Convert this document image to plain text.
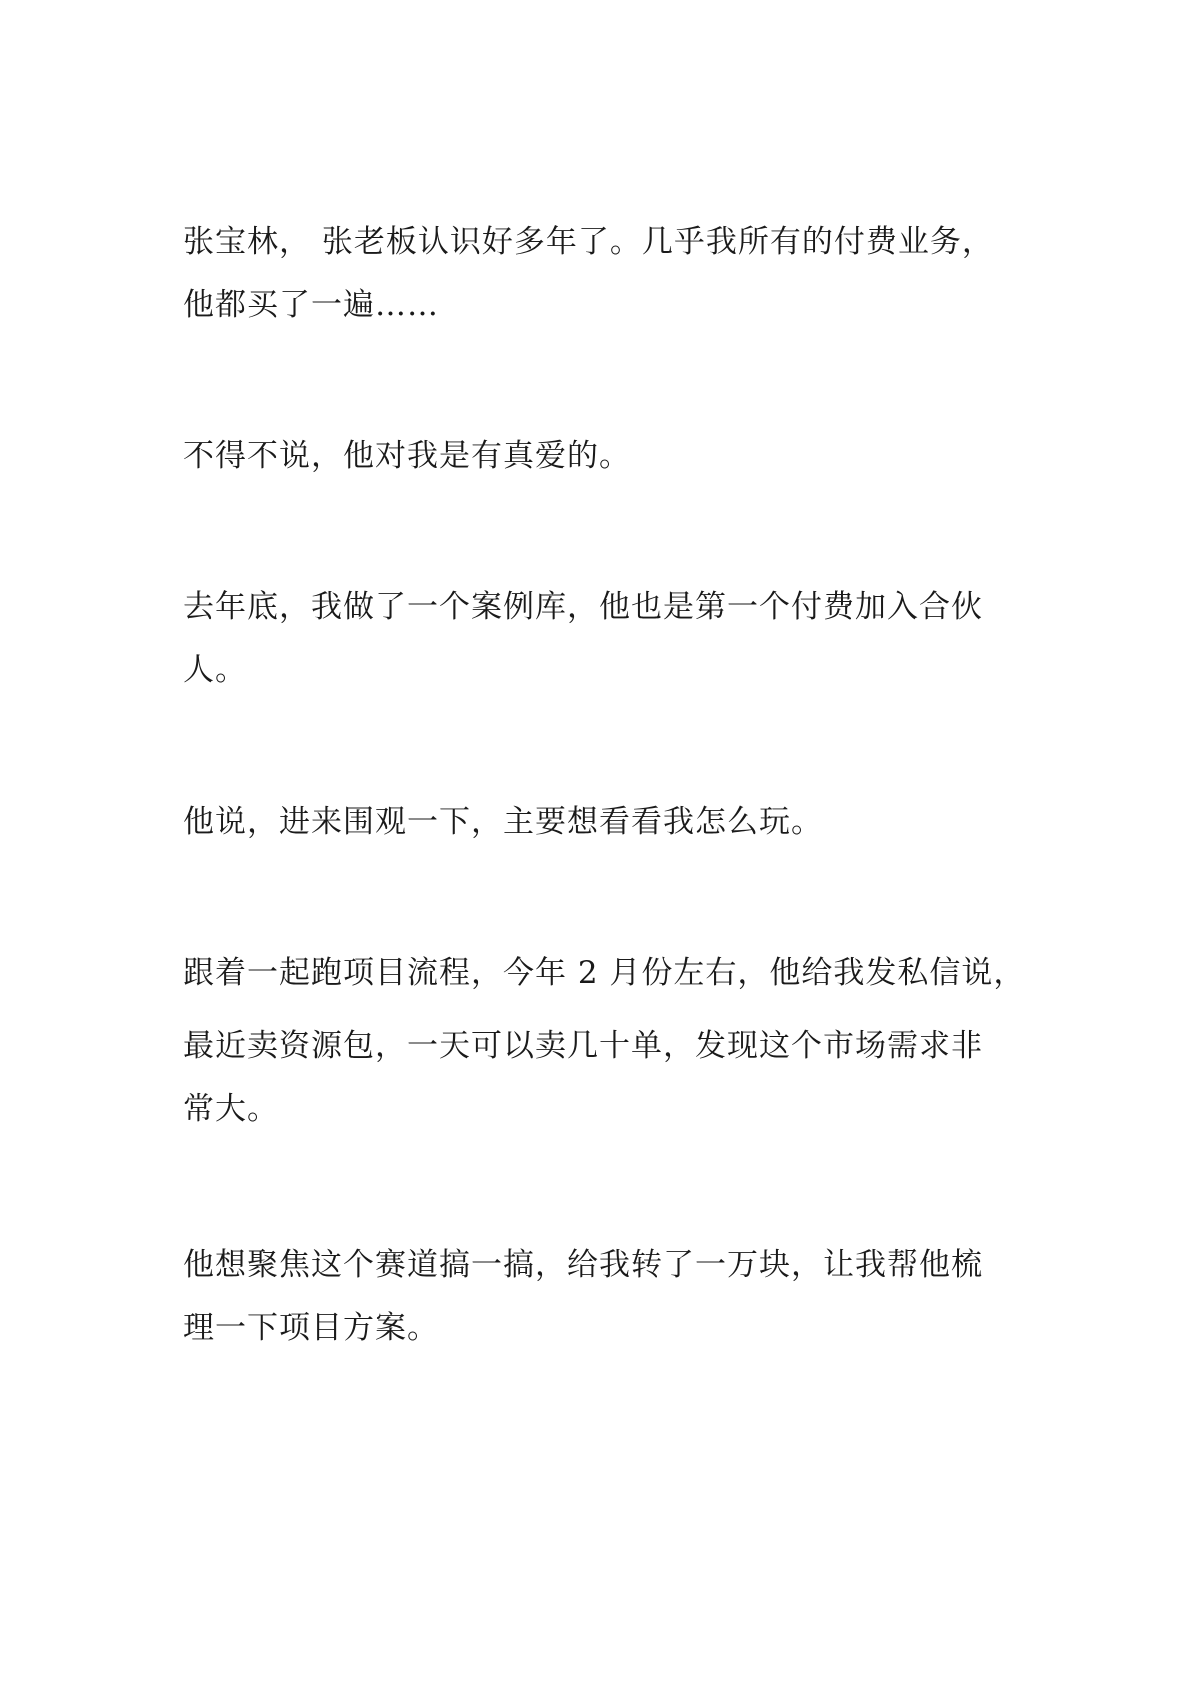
张宝林， 张老板认识好多年了。几乎我所有的付费业务，
他都买了一遍……
不得不说，他对我是有真爱的。
去年底，我做了一个案例库，他也是第一个付费加入合伙
人。
他说，进来围观一下，主要想看看我怎么玩。
跟着一起跑项目流程，今年 2 月份左右，他给我发私信说，
最近卖资源包，一天可以卖几十单，发现这个市场需求非
常大。
他想聚焦这个赛道搞一搞，给我转了一万块，让我帮他梳
理一下项目方案。
